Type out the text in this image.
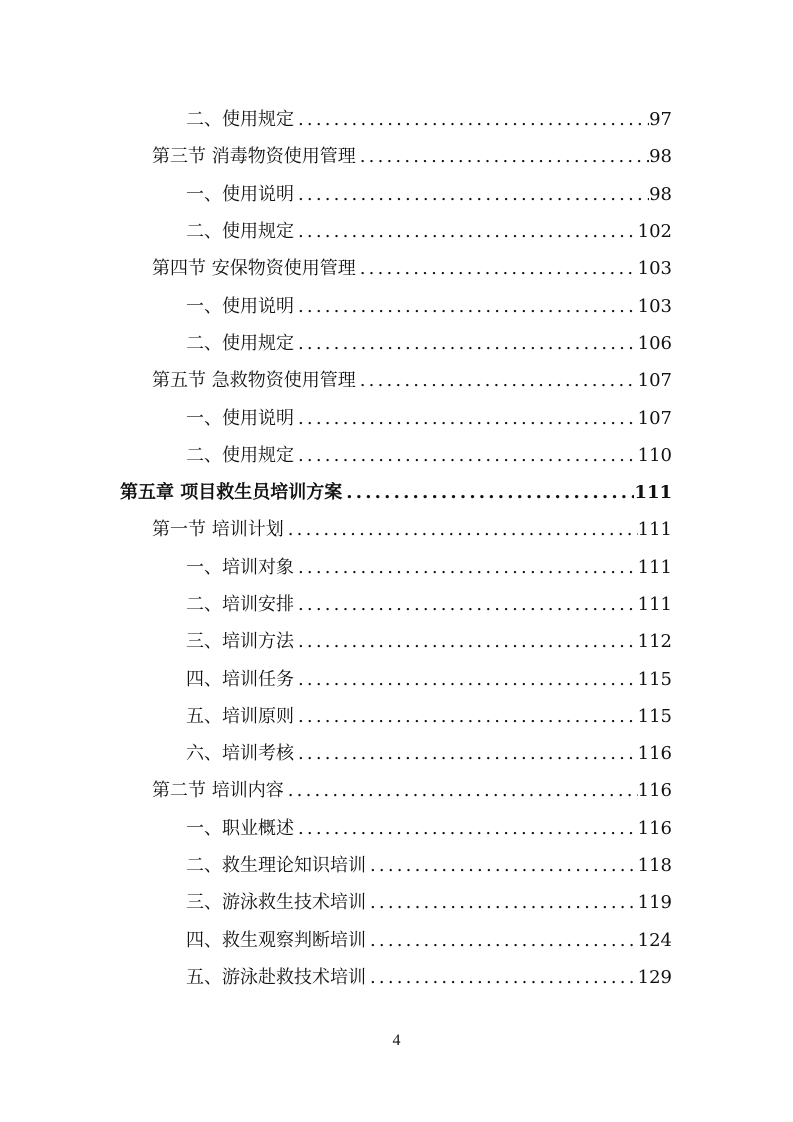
二、使用规定 .....	97
第三节 消毒物资使用管理 .....	98
一、使用说明 .....	98
二、使用规定 .....	102
第四节 安保物资使用管理 .....	103
一、使用说明 .....	103
二、使用规定 .....	106
第五节 急救物资使用管理 .....	107
一、使用说明 .....	107
二、使用规定 .....	110
第五章 项目救生员培训方案 .....	111
第一节 培训计划 .....	111
一、培训对象 .....	111
二、培训安排 .....	111
三、培训方法 .....	112
四、培训任务 .....	115
五、培训原则 .....	115
六、培训考核 .....	116
第二节 培训内容 .....	116
一、职业概述 .....	116
二、救生理论知识培训 .....	118
三、游泳救生技术培训 .....	119
四、救生观察判断培训 .....	124
五、游泳赴救技术培训 .....	129
4
